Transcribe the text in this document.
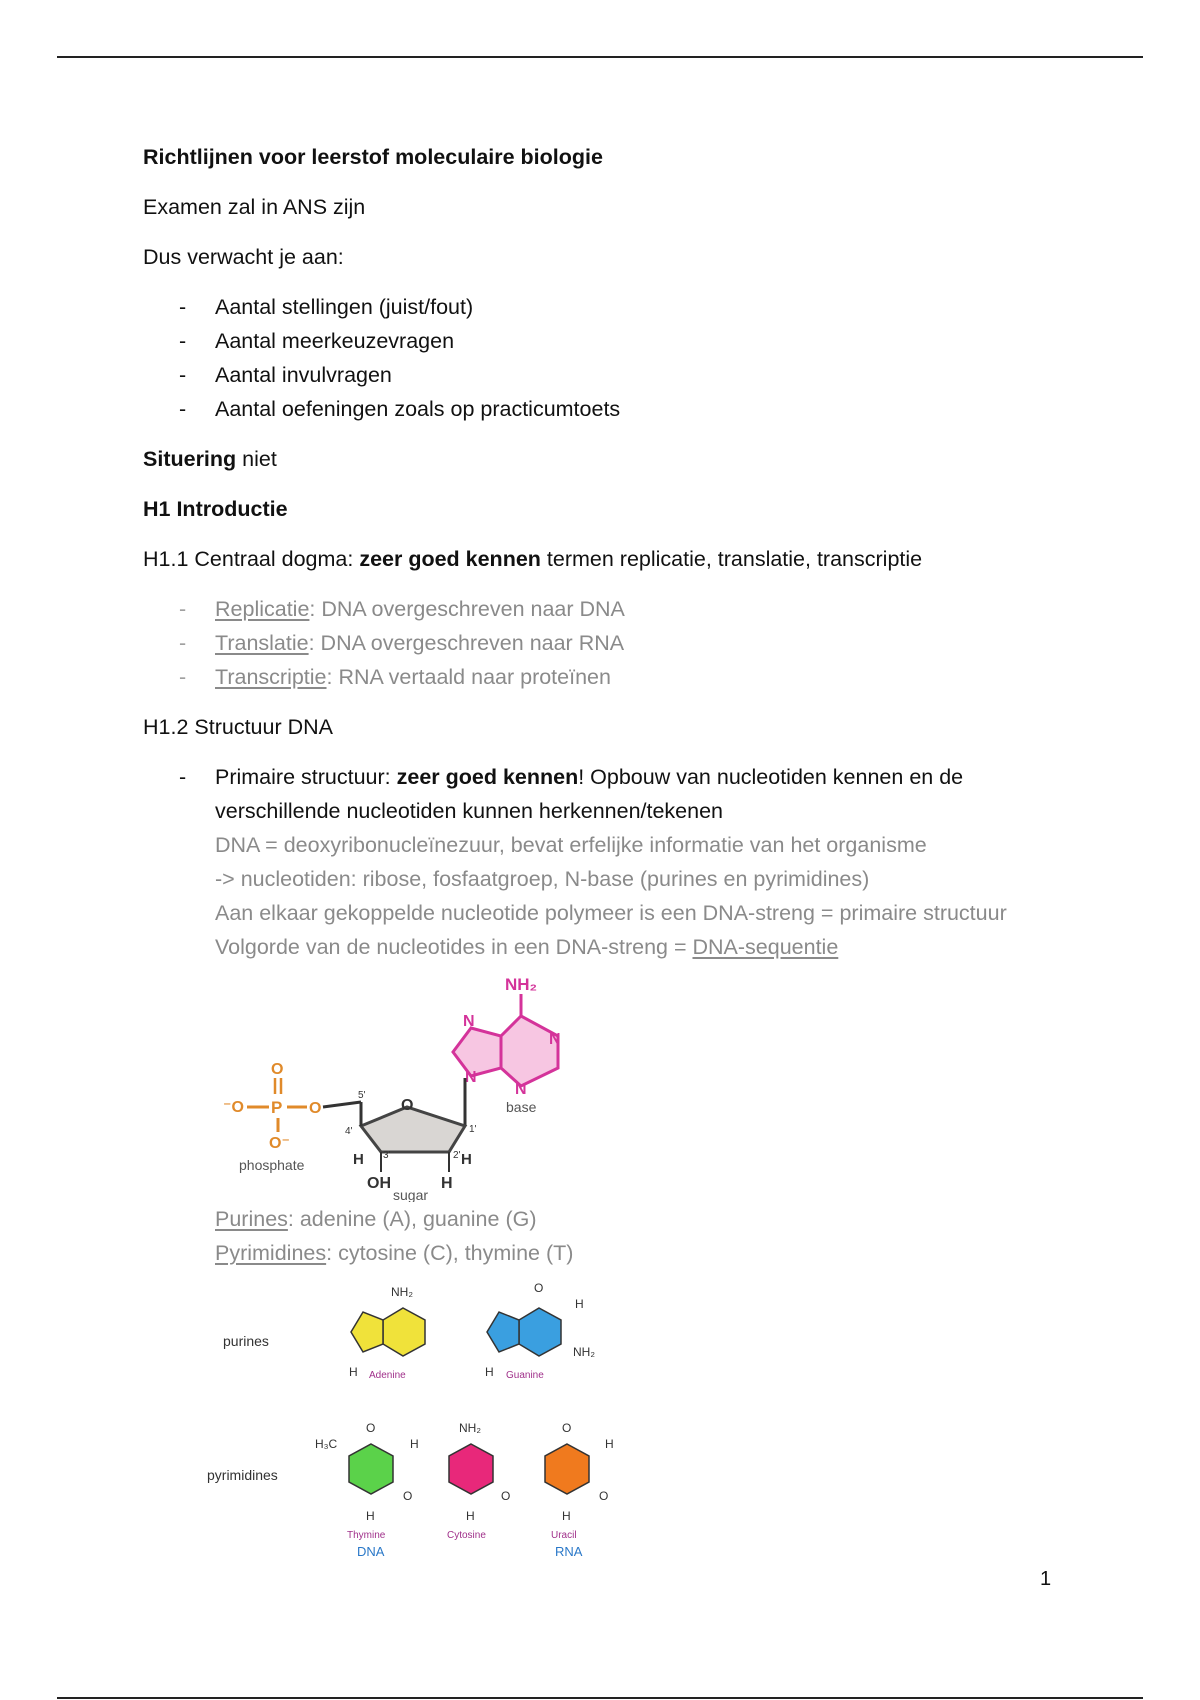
Richtlijnen voor leerstof moleculaire biologie

Examen zal in ANS zijn

Dus verwacht je aan:

- Aantal stellingen (juist/fout)
- Aantal meerkeuzevragen
- Aantal invulvragen
- Aantal oefeningen zoals op practicumtoets

Situering niet

H1 Introductie

H1.1 Centraal dogma: zeer goed kennen termen replicatie, translatie, transcriptie

- Replicatie: DNA overgeschreven naar DNA
- Translatie: DNA overgeschreven naar RNA
- Transcriptie: RNA vertaald naar proteïnen

H1.2 Structuur DNA

- Primaire structuur: zeer goed kennen! Opbouw van nucleotiden kennen en de verschillende nucleotiden kunnen herkennen/tekenen

DNA = deoxyribonucleïnezuur, bevat erfelijke informatie van het organisme

-> nucleotiden: ribose, fosfaatgroep, N-base (purines en pyrimidines)

Aan elkaar gekoppelde nucleotide polymeer is een DNA-streng = primaire structuur

Volgorde van de nucleotides in een DNA-streng = DNA-sequentie

NH₂
N
N
N
N
base
O
5'
4'
3'	2'
1'
H	H
OH	H
sugar
⁻O P O
O
O⁻
phosphate

Purines: adenine (A), guanine (G)

Pyrimidines: cytosine (C), thymine (T)

purines
pyrimidines
NH₂
H Adenine
O
H
NH₂
H Guanine
O
H₃C	H
O
H
Thymine
DNA
NH₂
O
H
Cytosine
O
H
O
H
Uracil
RNA
1
